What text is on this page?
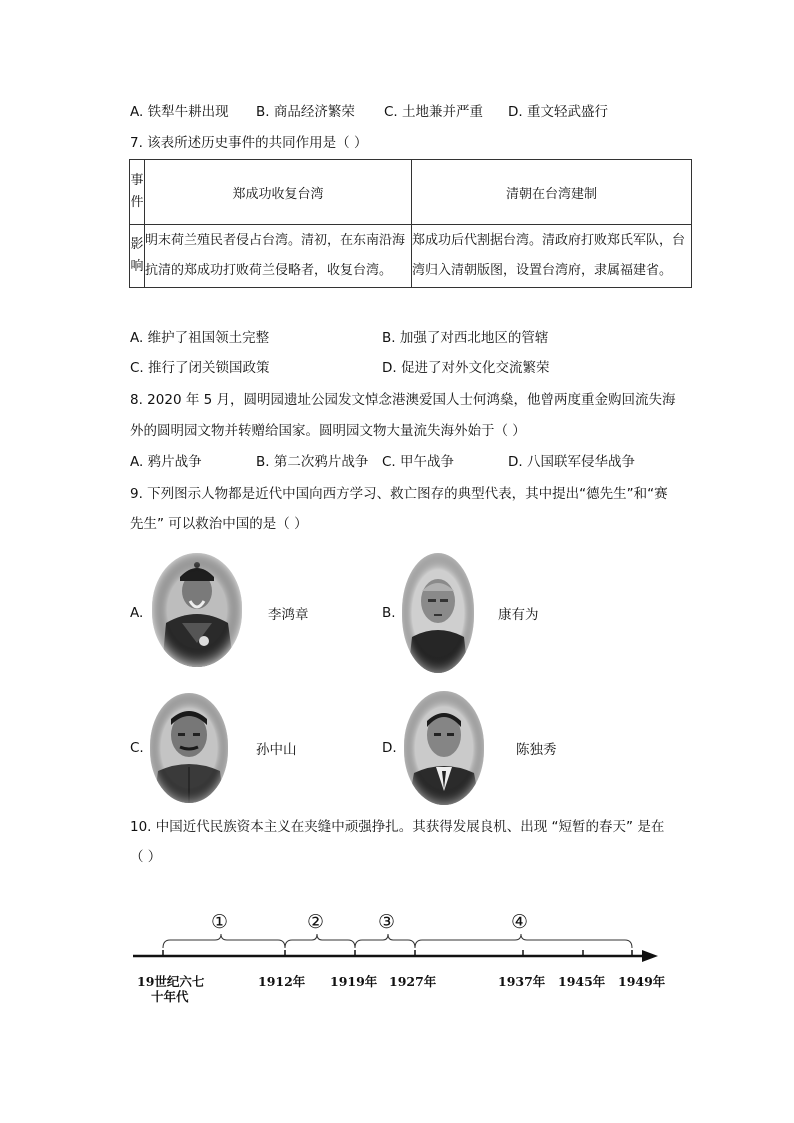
A. 铁犁牛耕出现 B. 商品经济繁荣 C. 土地兼并严重 D. 重文轻武盛行
7. 该表所述历史事件的共同作用是（ ）
事件	郑成功收复台湾	清朝在台湾建制
影响	明末荷兰殖民者侵占台湾。清初，在东南沿海抗清的郑成功打败荷兰侵略者，收复台湾。	郑成功后代割据台湾。清政府打败郑氏军队，台湾归入清朝版图，设置台湾府，隶属福建省。
A. 维护了祖国领土完整	B. 加强了对西北地区的管辖
C. 推行了闭关锁国政策	D. 促进了对外文化交流繁荣
8. 2020 年 5 月，圆明园遗址公园发文悼念港澳爱国人士何鸿燊，他曾两度重金购回流失海
外的圆明园文物并转赠给国家。圆明园文物大量流失海外始于（ ）
A. 鸦片战争	B. 第二次鸦片战争 C. 甲午战争	D. 八国联军侵华战争
9. 下列图示人物都是近代中国向西方学习、救亡图存的典型代表，其中提出“德先生”和“赛
先生” 可以救治中国的是（ ）
A.	李鸿章	B.	康有为
C.	孙中山	D.	陈独秀
10. 中国近代民族资本主义在夹缝中顽强挣扎。其获得发展良机、出现 “短暂的春天” 是在
（ ）
①	②	③	④
19世纪六七
十年代
1912年 1919年 1927年	1937年 1945年 1949年
